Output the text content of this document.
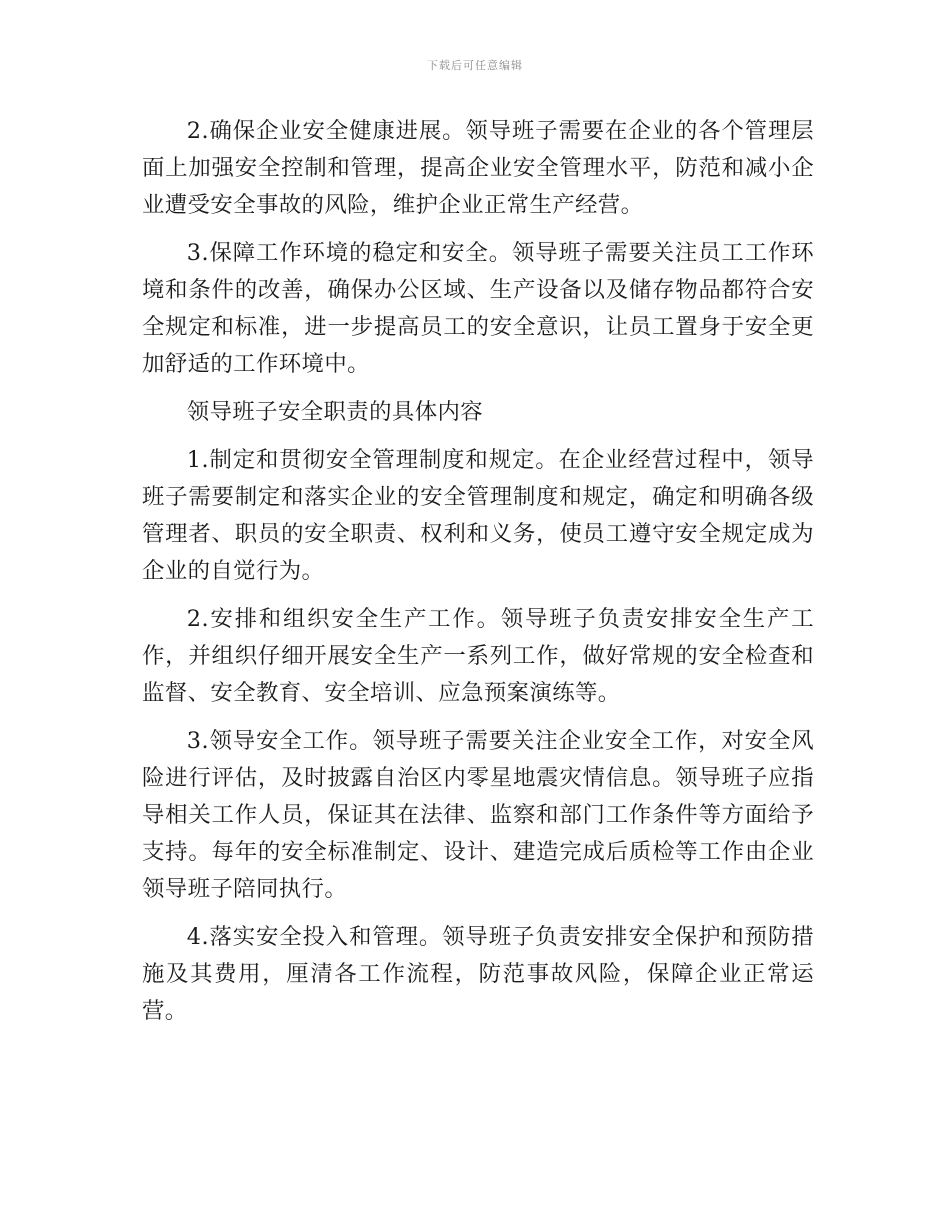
下载后可任意编辑

2.确保企业安全健康进展。领导班子需要在企业的各个管理层面上加强安全控制和管理，提高企业安全管理水平，防范和减小企业遭受安全事故的风险，维护企业正常生产经营。

3.保障工作环境的稳定和安全。领导班子需要关注员工工作环境和条件的改善，确保办公区域、生产设备以及储存物品都符合安全规定和标准，进一步提高员工的安全意识，让员工置身于安全更加舒适的工作环境中。

领导班子安全职责的具体内容

1.制定和贯彻安全管理制度和规定。在企业经营过程中，领导班子需要制定和落实企业的安全管理制度和规定，确定和明确各级管理者、职员的安全职责、权利和义务，使员工遵守安全规定成为企业的自觉行为。

2.安排和组织安全生产工作。领导班子负责安排安全生产工作，并组织仔细开展安全生产一系列工作，做好常规的安全检查和监督、安全教育、安全培训、应急预案演练等。

3.领导安全工作。领导班子需要关注企业安全工作，对安全风险进行评估，及时披露自治区内零星地震灾情信息。领导班子应指导相关工作人员，保证其在法律、监察和部门工作条件等方面给予支持。每年的安全标准制定、设计、建造完成后质检等工作由企业领导班子陪同执行。

4.落实安全投入和管理。领导班子负责安排安全保护和预防措施及其费用，厘清各工作流程，防范事故风险，保障企业正常运营。
